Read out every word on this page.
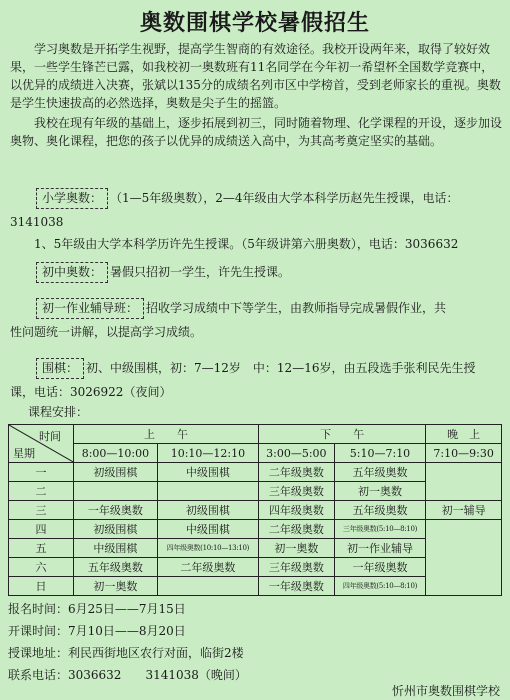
奥数围棋学校暑假招生
学习奥数是开拓学生视野，提高学生智商的有效途径。我校开设两年来，取得了较好效果，一些学生锋芒已露，如我校初一奥数班有11名同学在今年初一希望杯全国数学竞赛中，以优异的成绩进入决赛，张斌以135分的成绩名列市区中学榜首，受到老师家长的重视。奥数是学生快速拔高的必然选择，奥数是尖子生的摇篮。
我校在现有年级的基础上，逐步拓展到初三，同时随着物理、化学课程的开设，逐步加设奥物、奥化课程，把您的孩子以优异的成绩送入高中，为其高考奠定坚实的基础。
小学奥数： （1—5年级奥数），2—4年级由大学本科学历赵先生授课，电话：
3141038
1、5年级由大学本科学历许先生授课。（5年级讲第六册奥数），电话：3036632
初中奥数： 暑假只招初一学生，许先生授课。
初一作业辅导班： 招收学习成绩中下等学生，由教师指导完成暑假作业，共
性问题统一讲解，以提高学习成绩。
围棋： 初、中级围棋，初：7—12岁　中：12—16岁，由五段选手张利民先生授
课，电话：3026922（夜间）
课程安排：
时间
星期	上　　午		下　　午		晚　上
	8:00—10:00	10:10—12:10	3:00—5:00	5:10—7:10	7:10—9:30
一	初级围棋	中级围棋	二年级奥数	五年级奥数	
二			三年级奥数	初一奥数	
三	一年级奥数	初级围棋	四年级奥数	五年级奥数	初一辅导
四	初级围棋	中级围棋	二年级奥数	三年级奥数(5:10—8:10)	
五	中级围棋	四年级奥数(10:10—13:10)	初一奥数	初一作业辅导	
六	五年级奥数	二年级奥数	三年级奥数	一年级奥数	
日	初一奥数		一年级奥数	四年级奥数(5:10—8:10)	
报名时间：6月25日——7月15日
开课时间：7月10日——8月20日
授课地址：利民西街地区农行对面，临街2楼
联系电话：3036632　　3141038（晚间）
忻州市奥数围棋学校
